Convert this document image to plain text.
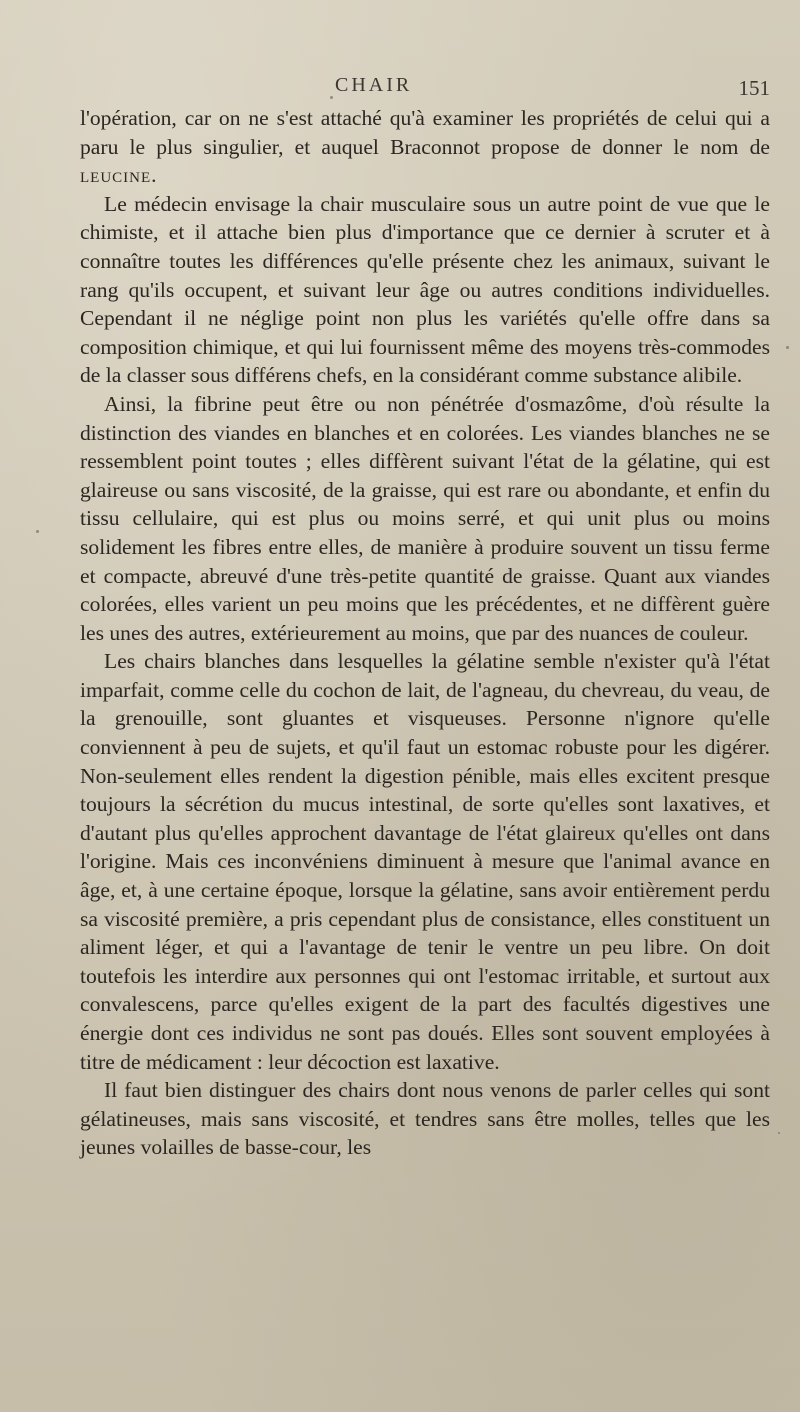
CHAIR	151

l'opération, car on ne s'est attaché qu'à examiner les propriétés de celui qui a paru le plus singulier, et auquel Braconnot propose de donner le nom de leucine.

Le médecin envisage la chair musculaire sous un autre point de vue que le chimiste, et il attache bien plus d'importance que ce dernier à scruter et à connaître toutes les différences qu'elle présente chez les animaux, suivant le rang qu'ils occupent, et suivant leur âge ou autres conditions individuelles. Cependant il ne néglige point non plus les variétés qu'elle offre dans sa composition chimique, et qui lui fournissent même des moyens très-commodes de la classer sous différens chefs, en la considérant comme substance alibile.

Ainsi, la fibrine peut être ou non pénétrée d'osmazôme, d'où résulte la distinction des viandes en blanches et en colorées. Les viandes blanches ne se ressemblent point toutes ; elles diffèrent suivant l'état de la gélatine, qui est glaireuse ou sans viscosité, de la graisse, qui est rare ou abondante, et enfin du tissu cellulaire, qui est plus ou moins serré, et qui unit plus ou moins solidement les fibres entre elles, de manière à produire souvent un tissu ferme et compacte, abreuvé d'une très-petite quantité de graisse. Quant aux viandes colorées, elles varient un peu moins que les précédentes, et ne diffèrent guère les unes des autres, extérieurement au moins, que par des nuances de couleur.

Les chairs blanches dans lesquelles la gélatine semble n'exister qu'à l'état imparfait, comme celle du cochon de lait, de l'agneau, du chevreau, du veau, de la grenouille, sont gluantes et visqueuses. Personne n'ignore qu'elle conviennent à peu de sujets, et qu'il faut un estomac robuste pour les digérer. Non-seulement elles rendent la digestion pénible, mais elles excitent presque toujours la sécrétion du mucus intestinal, de sorte qu'elles sont laxatives, et d'autant plus qu'elles approchent davantage de l'état glaireux qu'elles ont dans l'origine. Mais ces inconvéniens diminuent à mesure que l'animal avance en âge, et, à une certaine époque, lorsque la gélatine, sans avoir entièrement perdu sa viscosité première, a pris cependant plus de consistance, elles constituent un aliment léger, et qui a l'avantage de tenir le ventre un peu libre. On doit toutefois les interdire aux personnes qui ont l'estomac irritable, et surtout aux convalescens, parce qu'elles exigent de la part des facultés digestives une énergie dont ces individus ne sont pas doués. Elles sont souvent employées à titre de médicament : leur décoction est laxative.

Il faut bien distinguer des chairs dont nous venons de parler celles qui sont gélatineuses, mais sans viscosité, et tendres sans être molles, telles que les jeunes volailles de basse-cour, les
